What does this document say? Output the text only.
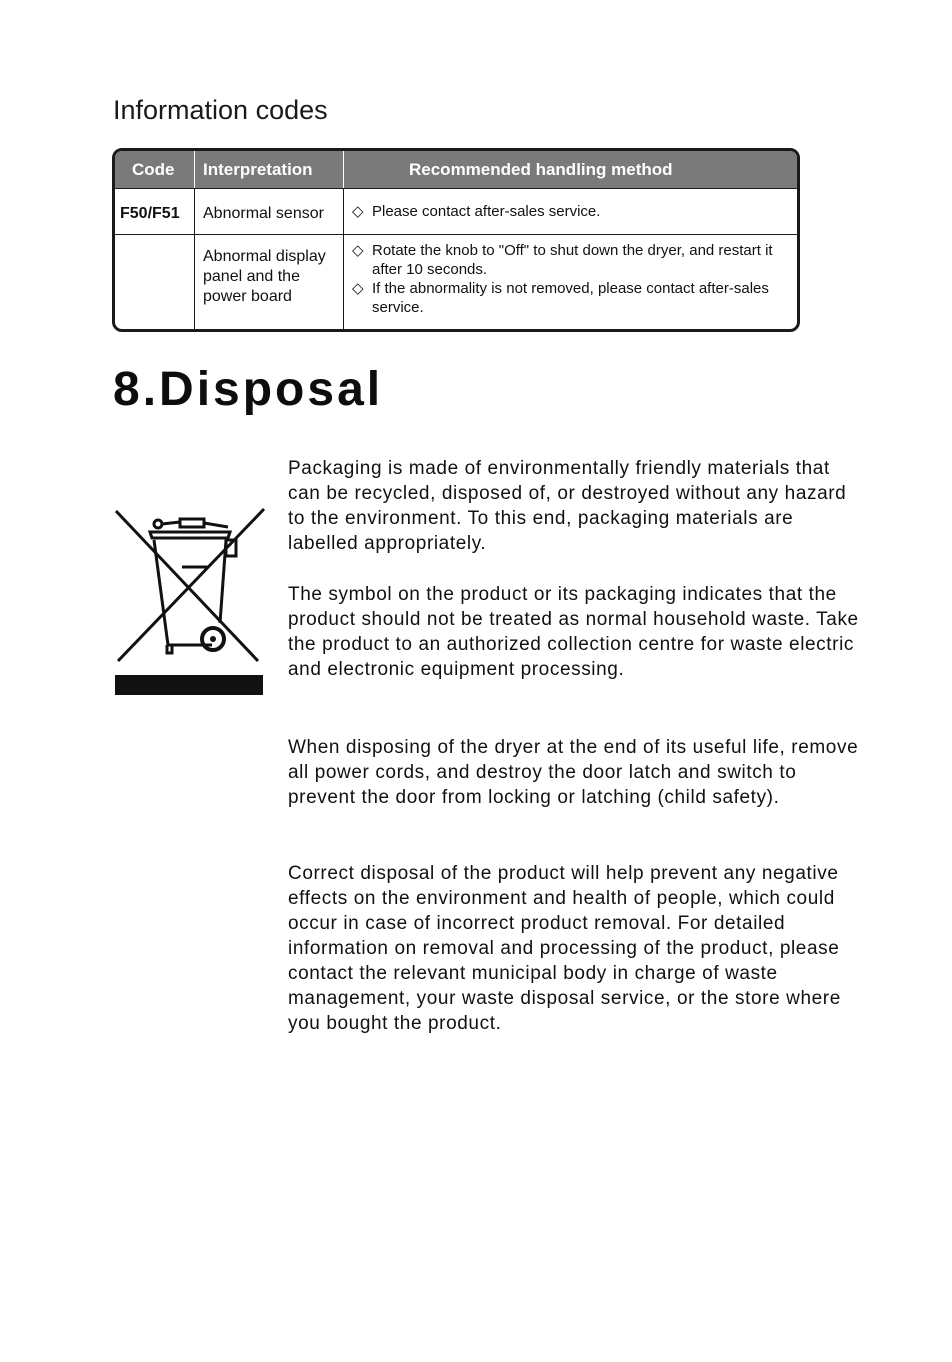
Information codes
Code Interpretation	Recommended handling method
F50/F51 Abnormal sensor ◇ Please contact after-sales service.
Abnormal display panel and the power board
◇ Rotate the knob to "Off" to shut down the dryer, and restart it after 10 seconds.
◇ If the abnormality is not removed, please contact after-sales service.
8.Disposal

Packaging is made of environmentally friendly materials that can be recycled, disposed of, or destroyed without any hazard to the environment. To this end, packaging materials are labelled appropriately.

The symbol on the product or its packaging indicates that the product should not be treated as normal household waste. Take the product to an authorized collection centre for waste electric and electronic equipment processing.

When disposing of the dryer at the end of its useful life, remove all power cords, and destroy the door latch and switch to prevent the door from locking or latching (child safety).

Correct disposal of the product will help prevent any negative effects on the environment and health of people, which could occur in case of incorrect product removal. For detailed information on removal and processing of the product, please contact the relevant municipal body in charge of waste management, your waste disposal service, or the store where you bought the product.
